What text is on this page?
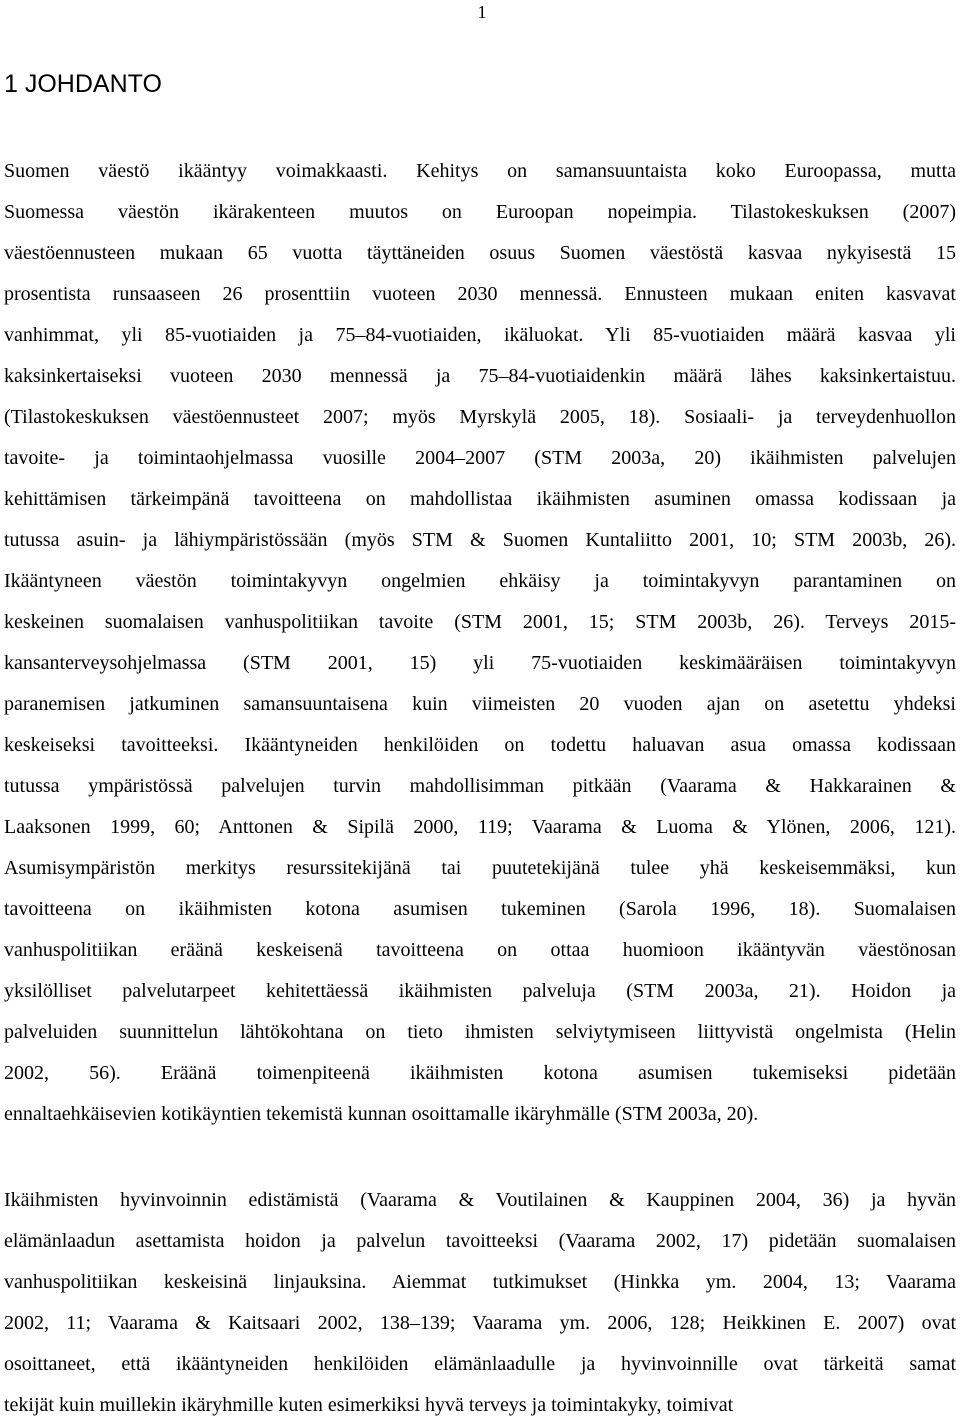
1
1 JOHDANTO
Suomen väestö ikääntyy voimakkaasti. Kehitys on samansuuntaista koko Euroopassa, mutta
Suomessa väestön ikärakenteen muutos on Euroopan nopeimpia. Tilastokeskuksen (2007)
väestöennusteen mukaan 65 vuotta täyttäneiden osuus Suomen väestöstä kasvaa nykyisestä 15
prosentista runsaaseen 26 prosenttiin vuoteen 2030 mennessä. Ennusteen mukaan eniten kasvavat
vanhimmat, yli 85-vuotiaiden ja 75–84-vuotiaiden, ikäluokat. Yli 85-vuotiaiden määrä kasvaa yli
kaksinkertaiseksi vuoteen 2030 mennessä ja 75–84-vuotiaidenkin määrä lähes kaksinkertaistuu.
(Tilastokeskuksen väestöennusteet 2007; myös Myrskylä 2005, 18). Sosiaali- ja terveydenhuollon
tavoite- ja toimintaohjelmassa vuosille 2004–2007 (STM 2003a, 20) ikäihmisten palvelujen
kehittämisen tärkeimpänä tavoitteena on mahdollistaa ikäihmisten asuminen omassa kodissaan ja
tutussa asuin- ja lähiympäristössään (myös STM & Suomen Kuntaliitto 2001, 10; STM 2003b, 26).
Ikääntyneen väestön toimintakyvyn ongelmien ehkäisy ja toimintakyvyn parantaminen on
keskeinen suomalaisen vanhuspolitiikan tavoite (STM 2001, 15; STM 2003b, 26). Terveys 2015-
kansanterveysohjelmassa (STM 2001, 15) yli 75-vuotiaiden keskimääräisen toimintakyvyn
paranemisen jatkuminen samansuuntaisena kuin viimeisten 20 vuoden ajan on asetettu yhdeksi
keskeiseksi tavoitteeksi. Ikääntyneiden henkilöiden on todettu haluavan asua omassa kodissaan
tutussa ympäristössä palvelujen turvin mahdollisimman pitkään (Vaarama & Hakkarainen &
Laaksonen 1999, 60; Anttonen & Sipilä 2000, 119; Vaarama & Luoma & Ylönen, 2006, 121).
Asumisympäristön merkitys resurssitekijänä tai puutetekijänä tulee yhä keskeisemmäksi, kun
tavoitteena on ikäihmisten kotona asumisen tukeminen (Sarola 1996, 18). Suomalaisen
vanhuspolitiikan eräänä keskeisenä tavoitteena on ottaa huomioon ikääntyvän väestönosan
yksilölliset palvelutarpeet kehitettäessä ikäihmisten palveluja (STM 2003a, 21). Hoidon ja
palveluiden suunnittelun lähtökohtana on tieto ihmisten selviytymiseen liittyvistä ongelmista (Helin
2002, 56). Eräänä toimenpiteenä ikäihmisten kotona asumisen tukemiseksi pidetään
ennaltaehkäisevien kotikäyntien tekemistä kunnan osoittamalle ikäryhmälle (STM 2003a, 20).
Ikäihmisten hyvinvoinnin edistämistä (Vaarama & Voutilainen & Kauppinen 2004, 36) ja hyvän
elämänlaadun asettamista hoidon ja palvelun tavoitteeksi (Vaarama 2002, 17) pidetään suomalaisen
vanhuspolitiikan keskeisinä linjauksina. Aiemmat tutkimukset (Hinkka ym. 2004, 13; Vaarama
2002, 11; Vaarama & Kaitsaari 2002, 138–139; Vaarama ym. 2006, 128; Heikkinen E. 2007) ovat
osoittaneet, että ikääntyneiden henkilöiden elämänlaadulle ja hyvinvoinnille ovat tärkeitä samat
tekijät kuin muillekin ikäryhmille kuten esimerkiksi hyvä terveys ja toimintakyky, toimivat
